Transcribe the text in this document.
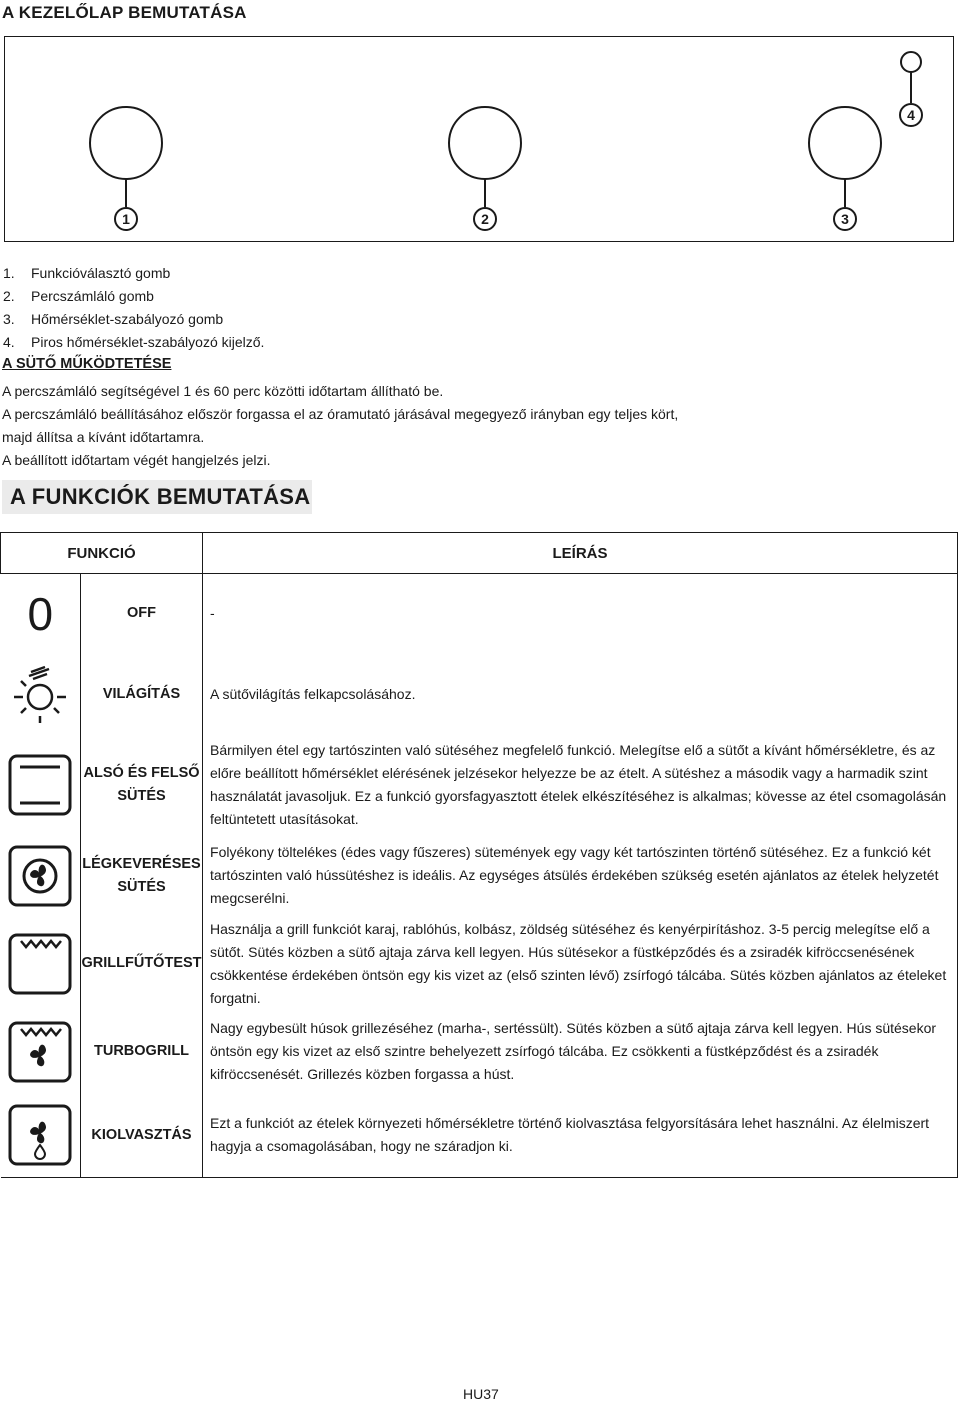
A KEZELŐLAP BEMUTATÁSA
1	2	3
4
1.	Funkcióválasztó gomb
2.	Percszámláló gomb
3.	Hőmérséklet-szabályozó gomb
4.	Piros hőmérséklet-szabályozó kijelző.
A SÜTŐ MŰKÖDTETÉSE

A percszámláló segítségével 1 és 60 perc közötti időtartam állítható be.

A percszámláló beállításához először forgassa el az óramutató járásával megegyező irányban egy teljes kört,

majd állítsa a kívánt időtartamra.

A beállított időtartam végét hangjelzés jelzi.

A FUNKCIÓK BEMUTATÁSA
FUNKCIÓ		LEÍRÁS
0	OFF	-

	VILÁGÍTÁS	A sütővilágítás felkapcsolásához.

	ALSÓ ÉS FELSŐ SÜTÉS	Bármilyen étel egy tartószinten való sütéséhez megfelelő funkció. Melegítse elő a sütőt a kívánt hőmérsékletre, és az előre beállított hőmérséklet elérésének jelzésekor helyezze be az ételt. A sütéshez a második vagy a harmadik szint használatát javasoljuk. Ez a funkció gyorsfagyasztott ételek elkészítéséhez is alkalmas; kövesse az étel csomagolásán feltüntetett utasításokat.

	LÉGKEVERÉSES SÜTÉS	Folyékony töltelékes (édes vagy fűszeres) sütemények egy vagy két tartószinten történő sütéséhez. Ez a funkció két tartószinten való hússütéshez is ideális. Az egységes átsülés érdekében szükség esetén ajánlatos az ételek helyzetét megcserélni.

	GRILLFŰTŐTEST	Használja a grill funkciót karaj, rablóhús, kolbász, zöldség sütéséhez és kenyérpirításhoz. 3-5 percig melegítse elő a sütőt. Sütés közben a sütő ajtaja zárva kell legyen. Hús sütésekor a füstképződés és a zsiradék kifröccsenésének csökkentése érdekében öntsön egy kis vizet az (első szinten lévő) zsírfogó tálcába. Sütés közben ajánlatos az ételeket forgatni.

	TURBOGRILL	Nagy egybesült húsok grillezéséhez (marha-, sertéssült). Sütés közben a sütő ajtaja zárva kell legyen. Hús sütésekor öntsön egy kis vizet az első szintre behelyezett zsírfogó tálcába. Ez csökkenti a füstképződést és a zsiradék kifröccsenését. Grillezés közben forgassa a húst.

	KIOLVASZTÁS	Ezt a funkciót az ételek környezeti hőmérsékletre történő kiolvasztása felgyorsítására lehet használni. Az élelmiszert hagyja a csomagolásában, hogy ne száradjon ki.
HU37
